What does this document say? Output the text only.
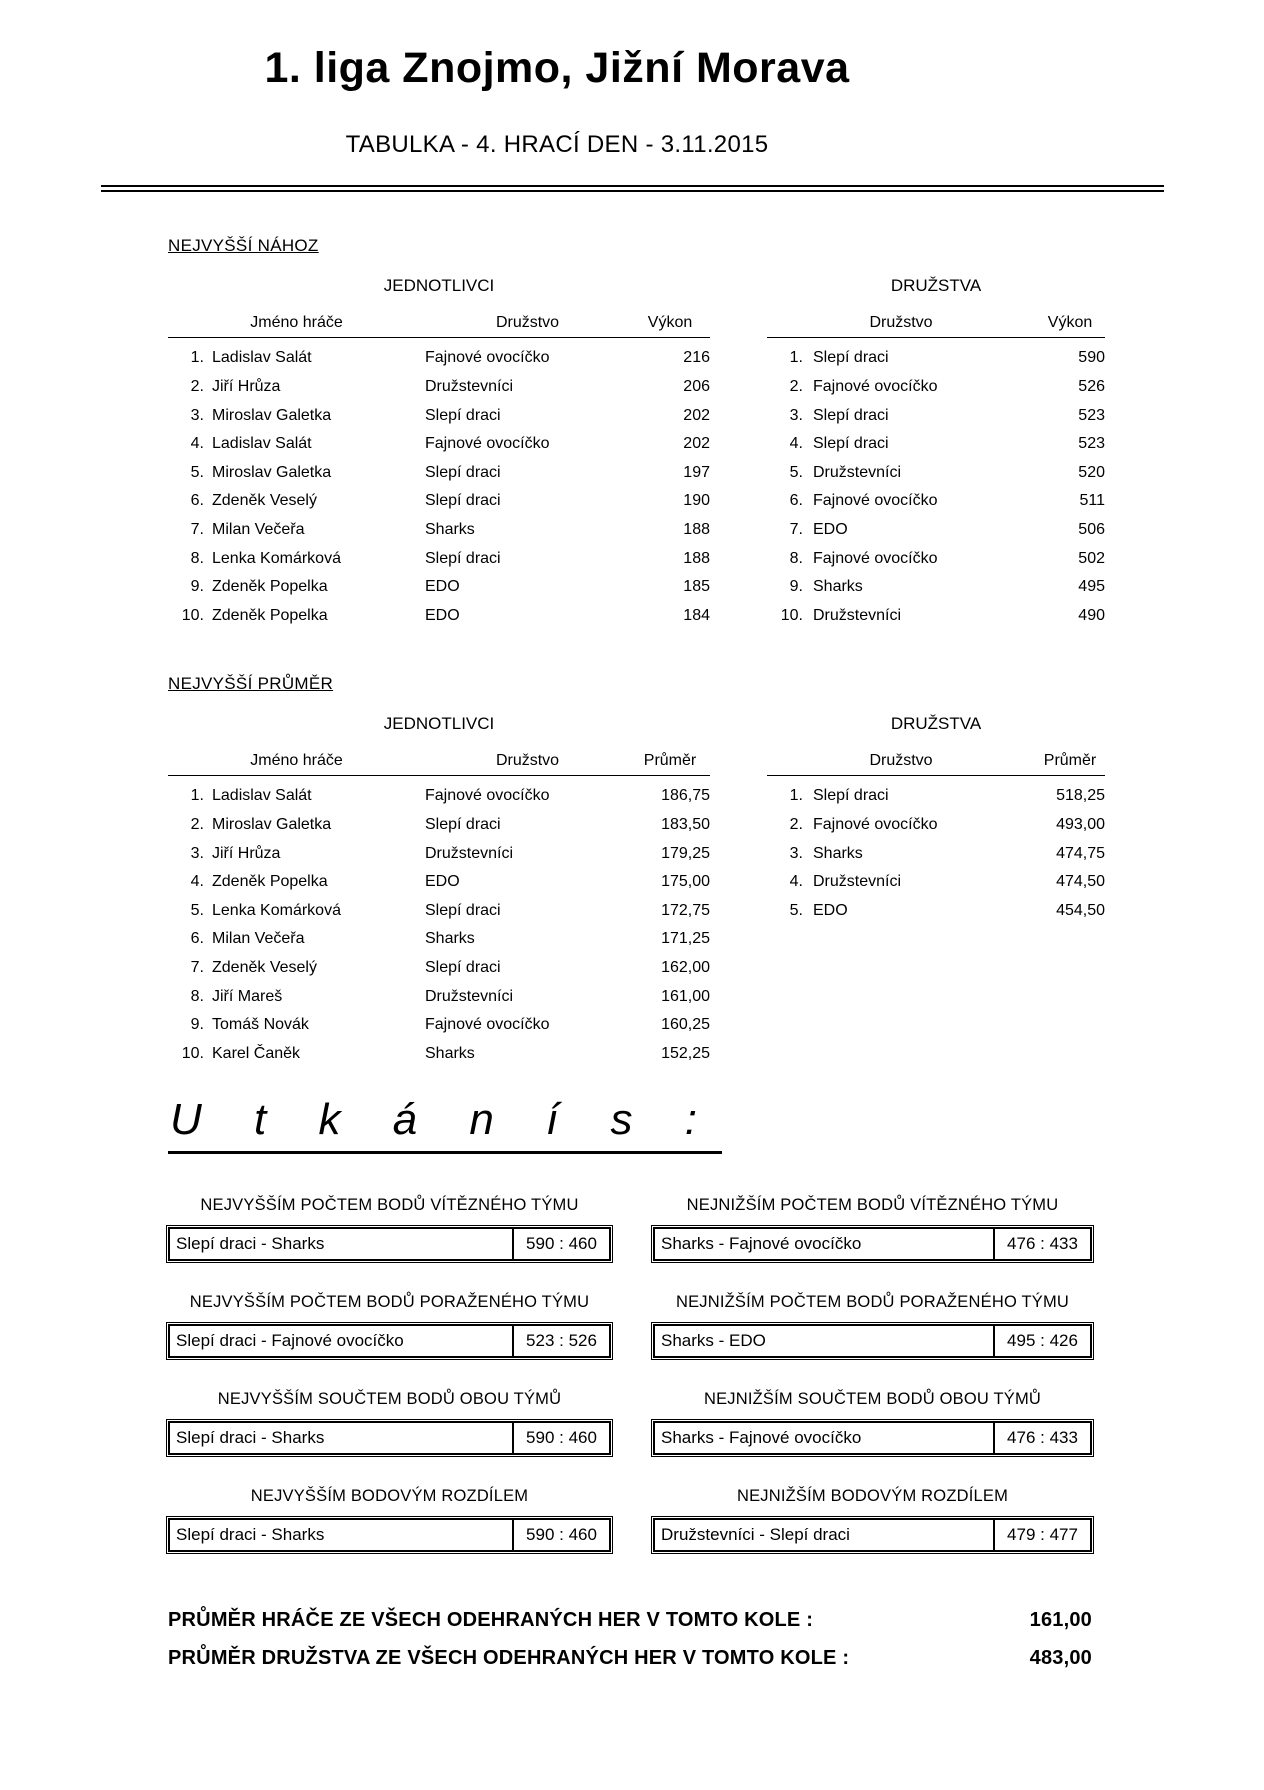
1. liga Znojmo, Jižní Morava
TABULKA - 4. HRACÍ DEN - 3.11.2015
NEJVYŠŠÍ NÁHOZ
JEDNOTLIVCI
Jméno hráče	Družstvo	Výkon
1. Ladislav Salát	Fajnové ovocíčko	216
2. Jiří Hrůza	Družstevníci	206
3. Miroslav Galetka	Slepí draci	202
4. Ladislav Salát	Fajnové ovocíčko	202
5. Miroslav Galetka	Slepí draci	197
6. Zdeněk Veselý	Slepí draci	190
7. Milan Večeřa	Sharks	188
8. Lenka Komárková	Slepí draci	188
9. Zdeněk Popelka	EDO	185
10. Zdeněk Popelka	EDO	184
DRUŽSTVA
Družstvo	Výkon
1. Slepí draci	590
2. Fajnové ovocíčko	526
3. Slepí draci	523
4. Slepí draci	523
5. Družstevníci	520
6. Fajnové ovocíčko	511
7. EDO	506
8. Fajnové ovocíčko	502
9. Sharks	495
10. Družstevníci	490
NEJVYŠŠÍ PRŮMĚR
JEDNOTLIVCI
Jméno hráče	Družstvo	Průměr
1. Ladislav Salát	Fajnové ovocíčko	186,75
2. Miroslav Galetka	Slepí draci	183,50
3. Jiří Hrůza	Družstevníci	179,25
4. Zdeněk Popelka	EDO	175,00
5. Lenka Komárková	Slepí draci	172,75
6. Milan Večeřa	Sharks	171,25
7. Zdeněk Veselý	Slepí draci	162,00
8. Jiří Mareš	Družstevníci	161,00
9. Tomáš Novák	Fajnové ovocíčko	160,25
10. Karel Čaněk	Sharks	152,25
DRUŽSTVA
Družstvo	Průměr
1. Slepí draci	518,25
2. Fajnové ovocíčko	493,00
3. Sharks	474,75
4. Družstevníci	474,50
5. EDO	454,50
U t k á n í s :
NEJVYŠŠÍM POČTEM BODŮ VÍTĚZNÉHO TÝMU
Slepí draci - Sharks	590 : 460
NEJNIŽŠÍM POČTEM BODŮ VÍTĚZNÉHO TÝMU
Sharks - Fajnové ovocíčko	476 : 433
NEJVYŠŠÍM POČTEM BODŮ PORAŽENÉHO TÝMU
Slepí draci - Fajnové ovocíčko	523 : 526
NEJNIŽŠÍM POČTEM BODŮ PORAŽENÉHO TÝMU
Sharks - EDO	495 : 426
NEJVYŠŠÍM SOUČTEM BODŮ OBOU TÝMŮ
Slepí draci - Sharks	590 : 460
NEJNIŽŠÍM SOUČTEM BODŮ OBOU TÝMŮ
Sharks - Fajnové ovocíčko	476 : 433
NEJVYŠŠÍM BODOVÝM ROZDÍLEM
Slepí draci - Sharks	590 : 460
NEJNIŽŠÍM BODOVÝM ROZDÍLEM
Družstevníci - Slepí draci	479 : 477
PRŮMĚR HRÁČE ZE VŠECH ODEHRANÝCH HER V TOMTO KOLE :	161,00
PRŮMĚR DRUŽSTVA ZE VŠECH ODEHRANÝCH HER V TOMTO KOLE :	483,00
